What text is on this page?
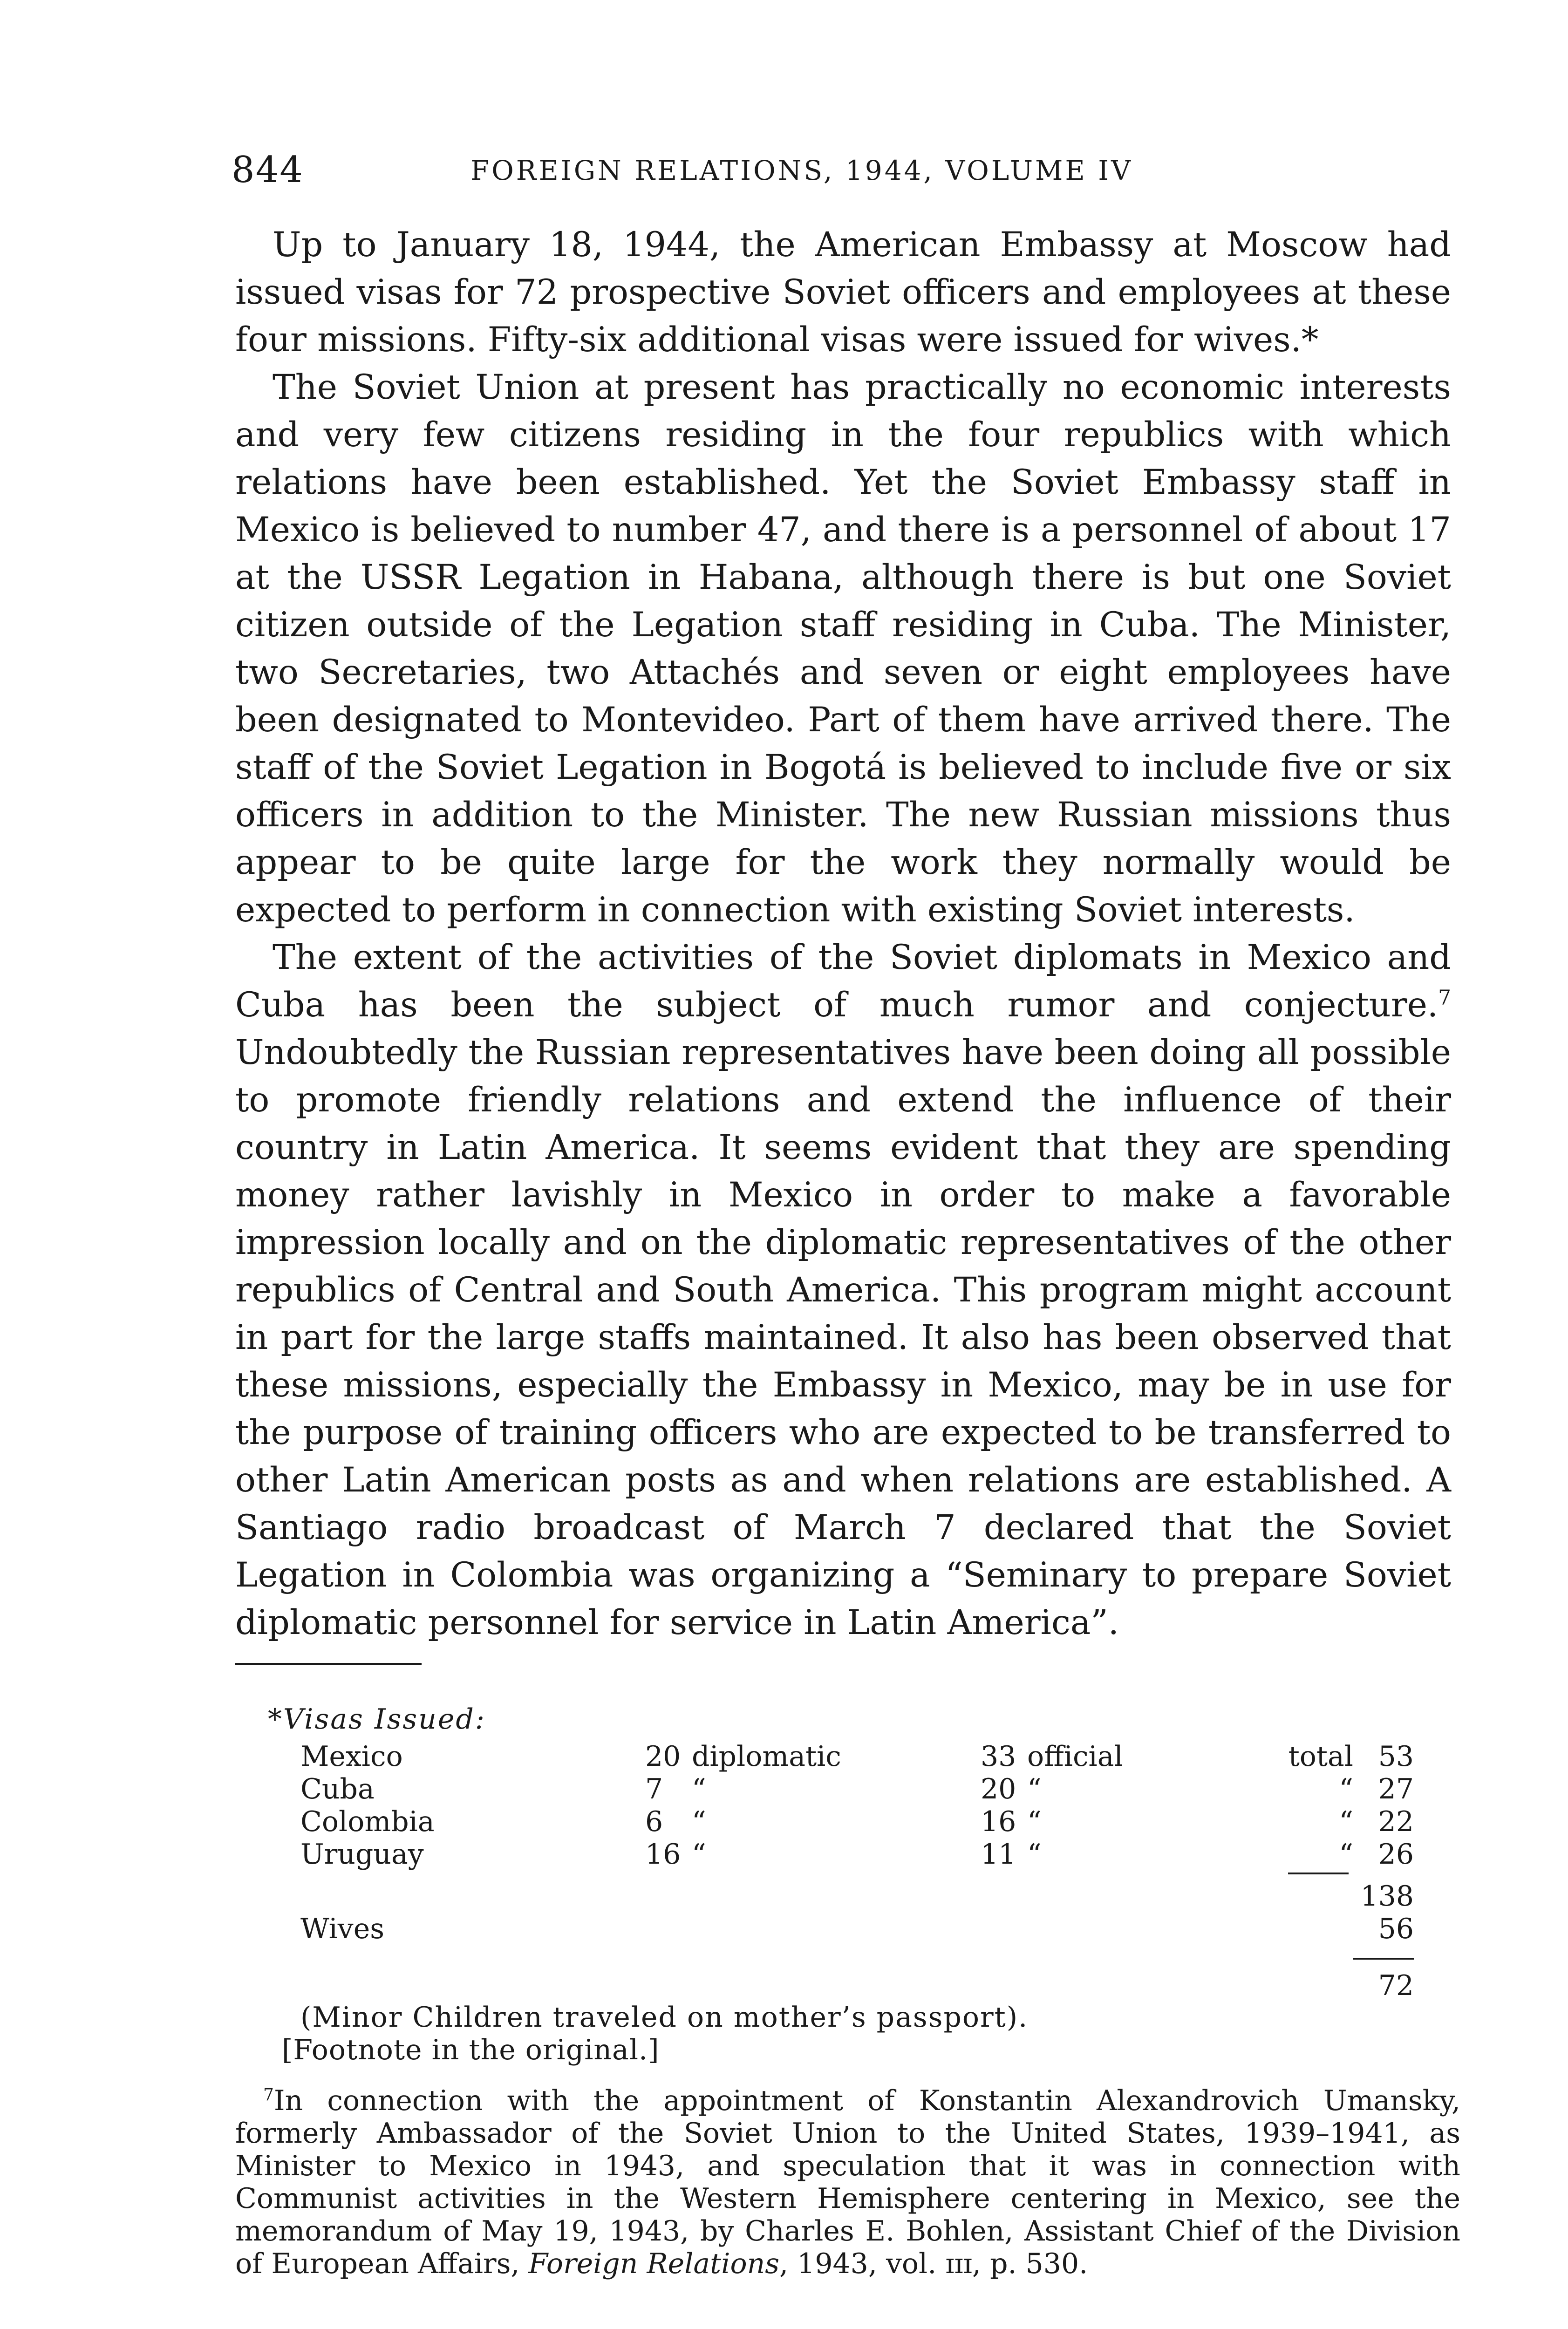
844	FOREIGN RELATIONS, 1944, VOLUME IV

Up to January 18, 1944, the American Embassy at Moscow had issued visas for 72 prospective Soviet officers and employees at these four missions. Fifty-six additional visas were issued for wives.*

The Soviet Union at present has practically no economic interests and very few citizens residing in the four republics with which relations have been established. Yet the Soviet Embassy staff in Mexico is believed to number 47, and there is a personnel of about 17 at the USSR Legation in Habana, although there is but one Soviet citizen outside of the Legation staff residing in Cuba. The Minister, two Secretaries, two Attachés and seven or eight employees have been designated to Montevideo. Part of them have arrived there. The staff of the Soviet Legation in Bogotá is believed to include five or six officers in addition to the Minister. The new Russian missions thus appear to be quite large for the work they normally would be expected to perform in connection with existing Soviet interests.

The extent of the activities of the Soviet diplomats in Mexico and Cuba has been the subject of much rumor and conjecture.$^7$ Undoubtedly the Russian representatives have been doing all possible to promote friendly relations and extend the influence of their country in Latin America. It seems evident that they are spending money rather lavishly in Mexico in order to make a favorable impression locally and on the diplomatic representatives of the other republics of Central and South America. This program might account in part for the large staffs maintained. It also has been observed that these missions, especially the Embassy in Mexico, may be in use for the purpose of training officers who are expected to be transferred to other Latin American posts as and when relations are established. A Santiago radio broadcast of March 7 declared that the Soviet Legation in Colombia was organizing a “Seminary to prepare Soviet diplomatic personnel for service in Latin America”.

*Visas Issued:
Mexico	20 diplomatic	33 official	total 53
Cuba	7	“	20 “	“ 27
Colombia	6	“	16 “	“ 22
Uruguay	16 “	11 “	“ 26
138
Wives	56
72
(Minor Children traveled on mother’s passport).
[Footnote in the original.]

$^7$In connection with the appointment of Konstantin Alexandrovich Umansky, formerly Ambassador of the Soviet Union to the United States, 1939–1941, as Minister to Mexico in 1943, and speculation that it was in connection with Communist activities in the Western Hemisphere centering in Mexico, see the memorandum of May 19, 1943, by Charles E. Bohlen, Assistant Chief of the Division of European Affairs, Foreign Relations, 1943, vol. ɪɪɪ, p. 530.
